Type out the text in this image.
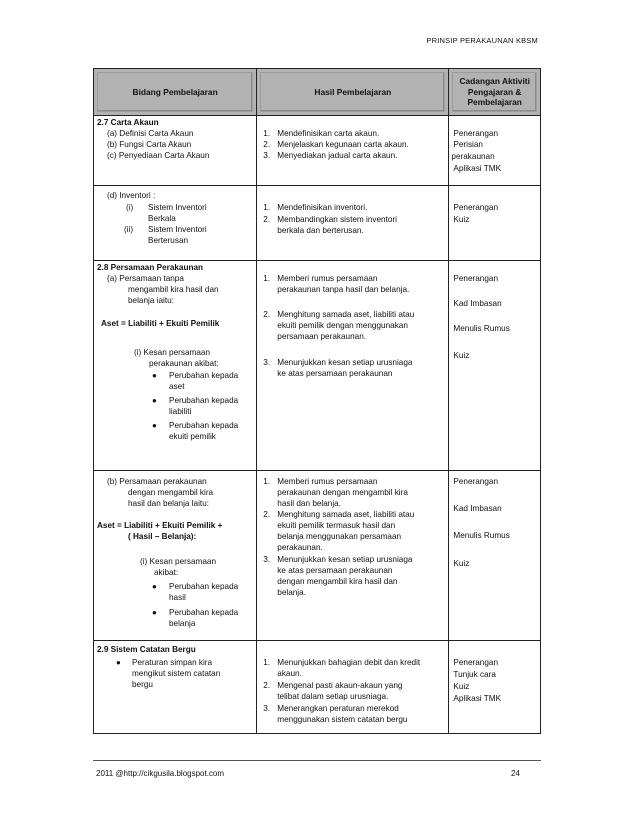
PRINSIP PERAKAUNAN KBSM
Bidang Pembelajaran	Hasil Pembelajaran
Cadangan Aktiviti
Pengajaran &
Pembelajaran
2.7 Carta Akaun
(a) Definisi Carta Akaun
(b) Fungsi Carta Akaun
(c) Penyediaan Carta Akaun
1. Mendefinisikan carta akaun.
2. Menjelaskan kegunaan carta akaun.
3. Menyediakan jadual carta akaun.
Penerangan
Perisian
perakaunan
Aplikasi TMK
(d) Inventori :
(i) Sistem Inventori
Berkala
(ii) Sistem Inventori
Berterusan
1. Mendefinisikan inventori.
2. Membandingkan sistem inventori
berkala dan berterusan.
Penerangan
Kuiz
2.8 Persamaan Perakaunan
(a) Persamaan tanpa
mengambil kira hasil dan
belanja iaitu:
Aset = Liabiliti + Ekuiti Pemilik
(i) Kesan persamaan
perakaunan akibat:
● Perubahan kepada
aset
● Perubahan kepada
liabiliti
● Perubahan kepada
ekuiti pemilik
1. Memberi rumus persamaan
perakaunan tanpa hasil dan belanja.
2. Menghitung samada aset, liabiliti atau
ekuiti pemilik dengan menggunakan
persamaan perakaunan.
3. Menunjukkan kesan setiap urusniaga
ke atas persamaan perakaunan
Penerangan
Kad Imbasan
Menulis Rumus
Kuiz
(b) Persamaan perakaunan
dengan mengambil kira
hasil dan belanja laitu:
Aset = Liabiliti + Ekuiti Pemilik +
( Hasil – Belanja):
(i) Kesan persamaan
akibat:
● Perubahan kepada
hasil
● Perubahan kepada
belanja
1. Memberi rumus persamaan
perakaunan dengan mengambil kira
hasil dan belanja.
2. Menghitung samada aset, liabiliti atau
ekuiti pemilik termasuk hasil dan
belanja menggunakan persamaan
perakaunan.
3. Menunjukkan kesan setiap urusniaga
ke atas persamaan perakaunan
dengan mengambil kira hasil dan
belanja.
Penerangan
Kad Imbasan
Menulis Rumus
Kuiz
2.9 Sistem Catatan Bergu
● Peraturan simpan kira
mengikut sistem catatan
bergu
1. Menunjukkan bahagian debit dan kredit
akaun.
2. Mengenal pasti akaun-akaun yang
telibat dalam setiap urusniaga.
3. Menerangkan peraturan merekod
menggunakan sistem catatan bergu
Penerangan
Tunjuk cara
Kuiz
Aplikasi TMK
2011 @http://cikgusila.blogspot.com	24
